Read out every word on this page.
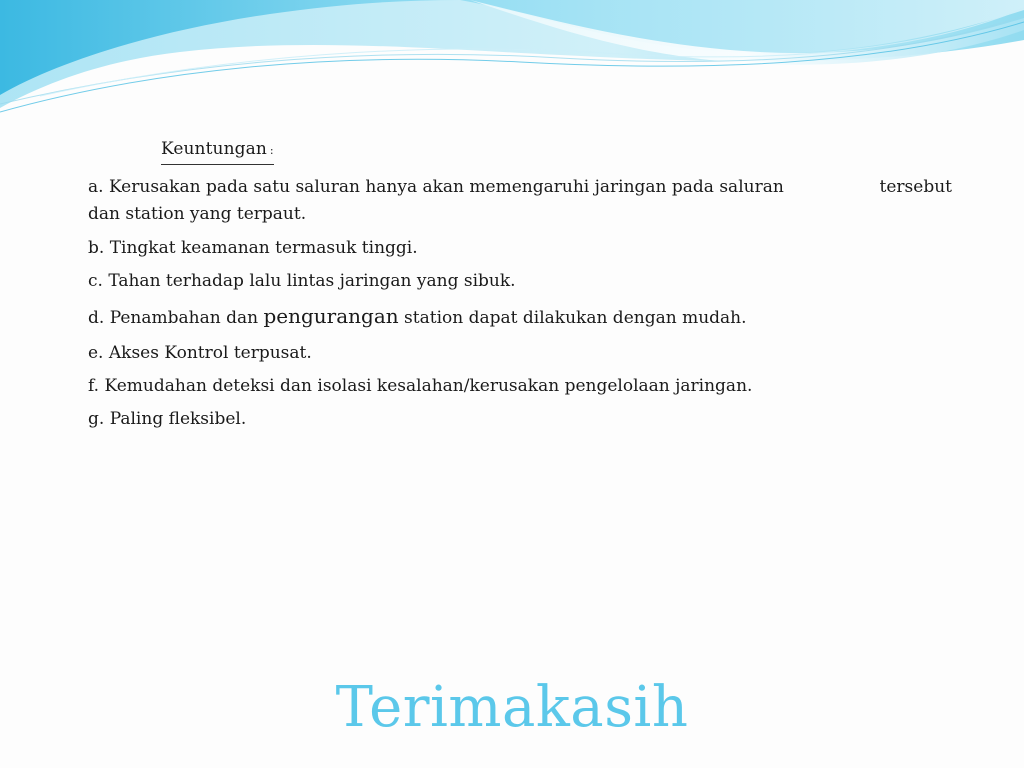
Keuntungan :
a. Kerusakan pada satu saluran hanya akan memengaruhi jaringan pada saluran	tersebut
dan station yang terpaut.
b. Tingkat keamanan termasuk tinggi.
c. Tahan terhadap lalu lintas jaringan yang sibuk.
d. Penambahan dan pengurangan station dapat dilakukan dengan mudah.
e. Akses Kontrol terpusat.
f. Kemudahan deteksi dan isolasi kesalahan/kerusakan pengelolaan jaringan.
g. Paling fleksibel.
Terimakasih
